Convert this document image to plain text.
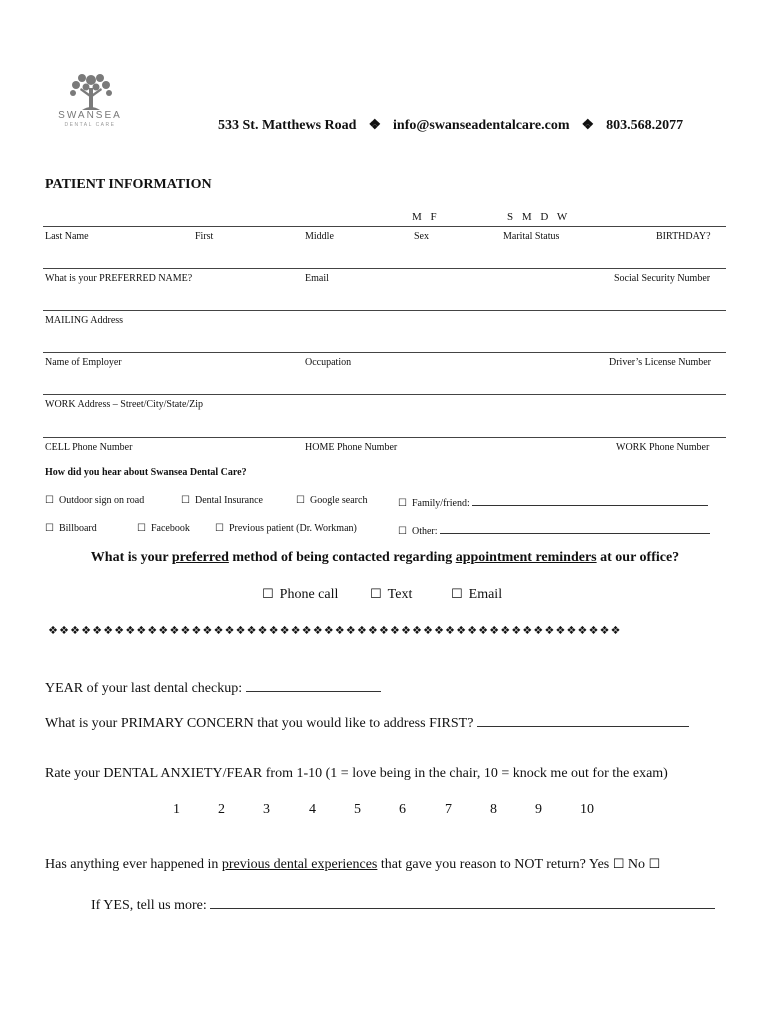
SWANSEA
DENTAL CARE	533 St. Matthews Road ❖ info@swanseadentalcare.com ❖ 803.568.2077
PATIENT INFORMATION
M F	S M D W
Last Name	First	Middle	Sex	Marital Status	BIRTHDAY?
What is your PREFERRED NAME?	Email	Social Security Number
MAILING Address
Name of Employer	Occupation	Driver’s License Number
WORK Address – Street/City/State/Zip
CELL Phone Number	HOME Phone Number	WORK Phone Number
How did you hear about Swansea Dental Care?
☐ Outdoor sign on road	☐ Dental Insurance	☐ Google search	☐ Family/friend:
☐ Billboard	☐ Facebook	☐ Previous patient (Dr. Workman)	☐ Other:
What is your preferred method of being contacted regarding appointment reminders at our office?
☐ Phone call ☐ Text	☐ Email
❖❖❖❖❖❖❖❖❖❖❖❖❖❖❖❖❖❖❖❖❖❖❖❖❖❖❖❖❖❖❖❖❖❖❖❖❖❖❖❖❖❖❖❖❖❖❖❖❖❖❖❖
YEAR of your last dental checkup:
What is your PRIMARY CONCERN that you would like to address FIRST?
Rate your DENTAL ANXIETY/FEAR from 1-10 (1 = love being in the chair, 10 = knock me out for the exam)
1	2	3	4	5	6	7	8	9	10
Has anything ever happened in previous dental experiences that gave you reason to NOT return? Yes ☐ No ☐
If YES, tell us more:
